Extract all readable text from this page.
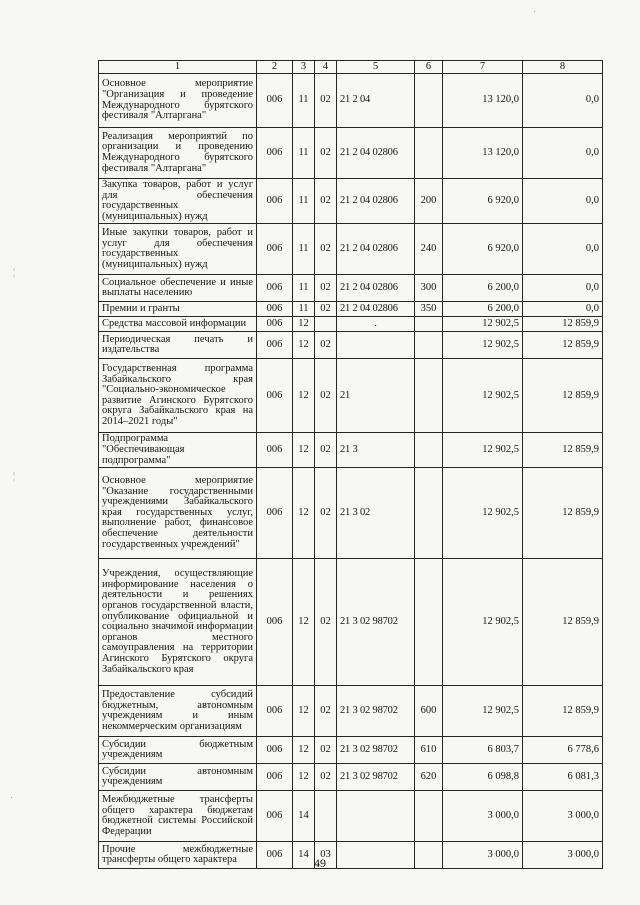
1	2	3	4	5	6	7	8
Основное мероприятие "Организация и проведение Международного бурятского фестиваля "Алтаргана"	006	11	02	21 2 04		13 120,0	0,0
Реализация мероприятий по организации и проведению Международного бурятского фестиваля "Алтаргана"	006	11	02	21 2 04 02806		13 120,0	0,0
Закупка товаров, работ и услуг для обеспечения государственных (муниципальных) нужд	006	11	02	21 2 04 02806	200	6 920,0	0,0
Иные закупки товаров, работ и услуг для обеспечения государственных (муниципальных) нужд	006	11	02	21 2 04 02806	240	6 920,0	0,0
Социальное обеспечение и иные выплаты населению	006	11	02	21 2 04 02806	300	6 200,0	0,0
Премии и гранты	006	11	02	21 2 04 02806	350	6 200,0	0,0
Средства массовой информации	006	12		.		12 902,5	12 859,9
Периодическая печать и издательства	006	12	02			12 902,5	12 859,9
Государственная программа Забайкальского края "Социально-экономическое развитие Агинского Бурятского округа Забайкальского края на 2014–2021 годы"	006	12	02	21		12 902,5	12 859,9
Подпрограмма "Обеспечивающая подпрограмма"	006	12	02	21 3		12 902,5	12 859,9
Основное мероприятие "Оказание государственными учреждениями Забайкальского края государственных услуг, выполнение работ, финансовое обеспечение деятельности государственных учреждений"	006	12	02	21 3 02		12 902,5	12 859,9
Учреждения, осуществляющие информирование населения о деятельности и решениях органов государственной власти, опубликование официальной и социально значимой информации органов местного самоуправления на территории Агинского Бурятского округа Забайкальского края	006	12	02	21 3 02 98702		12 902,5	12 859,9
Предоставление субсидий бюджетным, автономным учреждениям и иным некоммерческим организациям	006	12	02	21 3 02 98702	600	12 902,5	12 859,9
Субсидии бюджетным учреждениям	006	12	02	21 3 02 98702	610	6 803,7	6 778,6
Субсидии автономным учреждениям	006	12	02	21 3 02 98702	620	6 098,8	6 081,3
Межбюджетные трансферты общего характера бюджетам бюджетной системы Российской Федерации	006	14				3 000,0	3 000,0
Прочие межбюджетные трансферты общего характера	006	14	03			3 000,0	3 000,0
49
¦
¦
·
·
